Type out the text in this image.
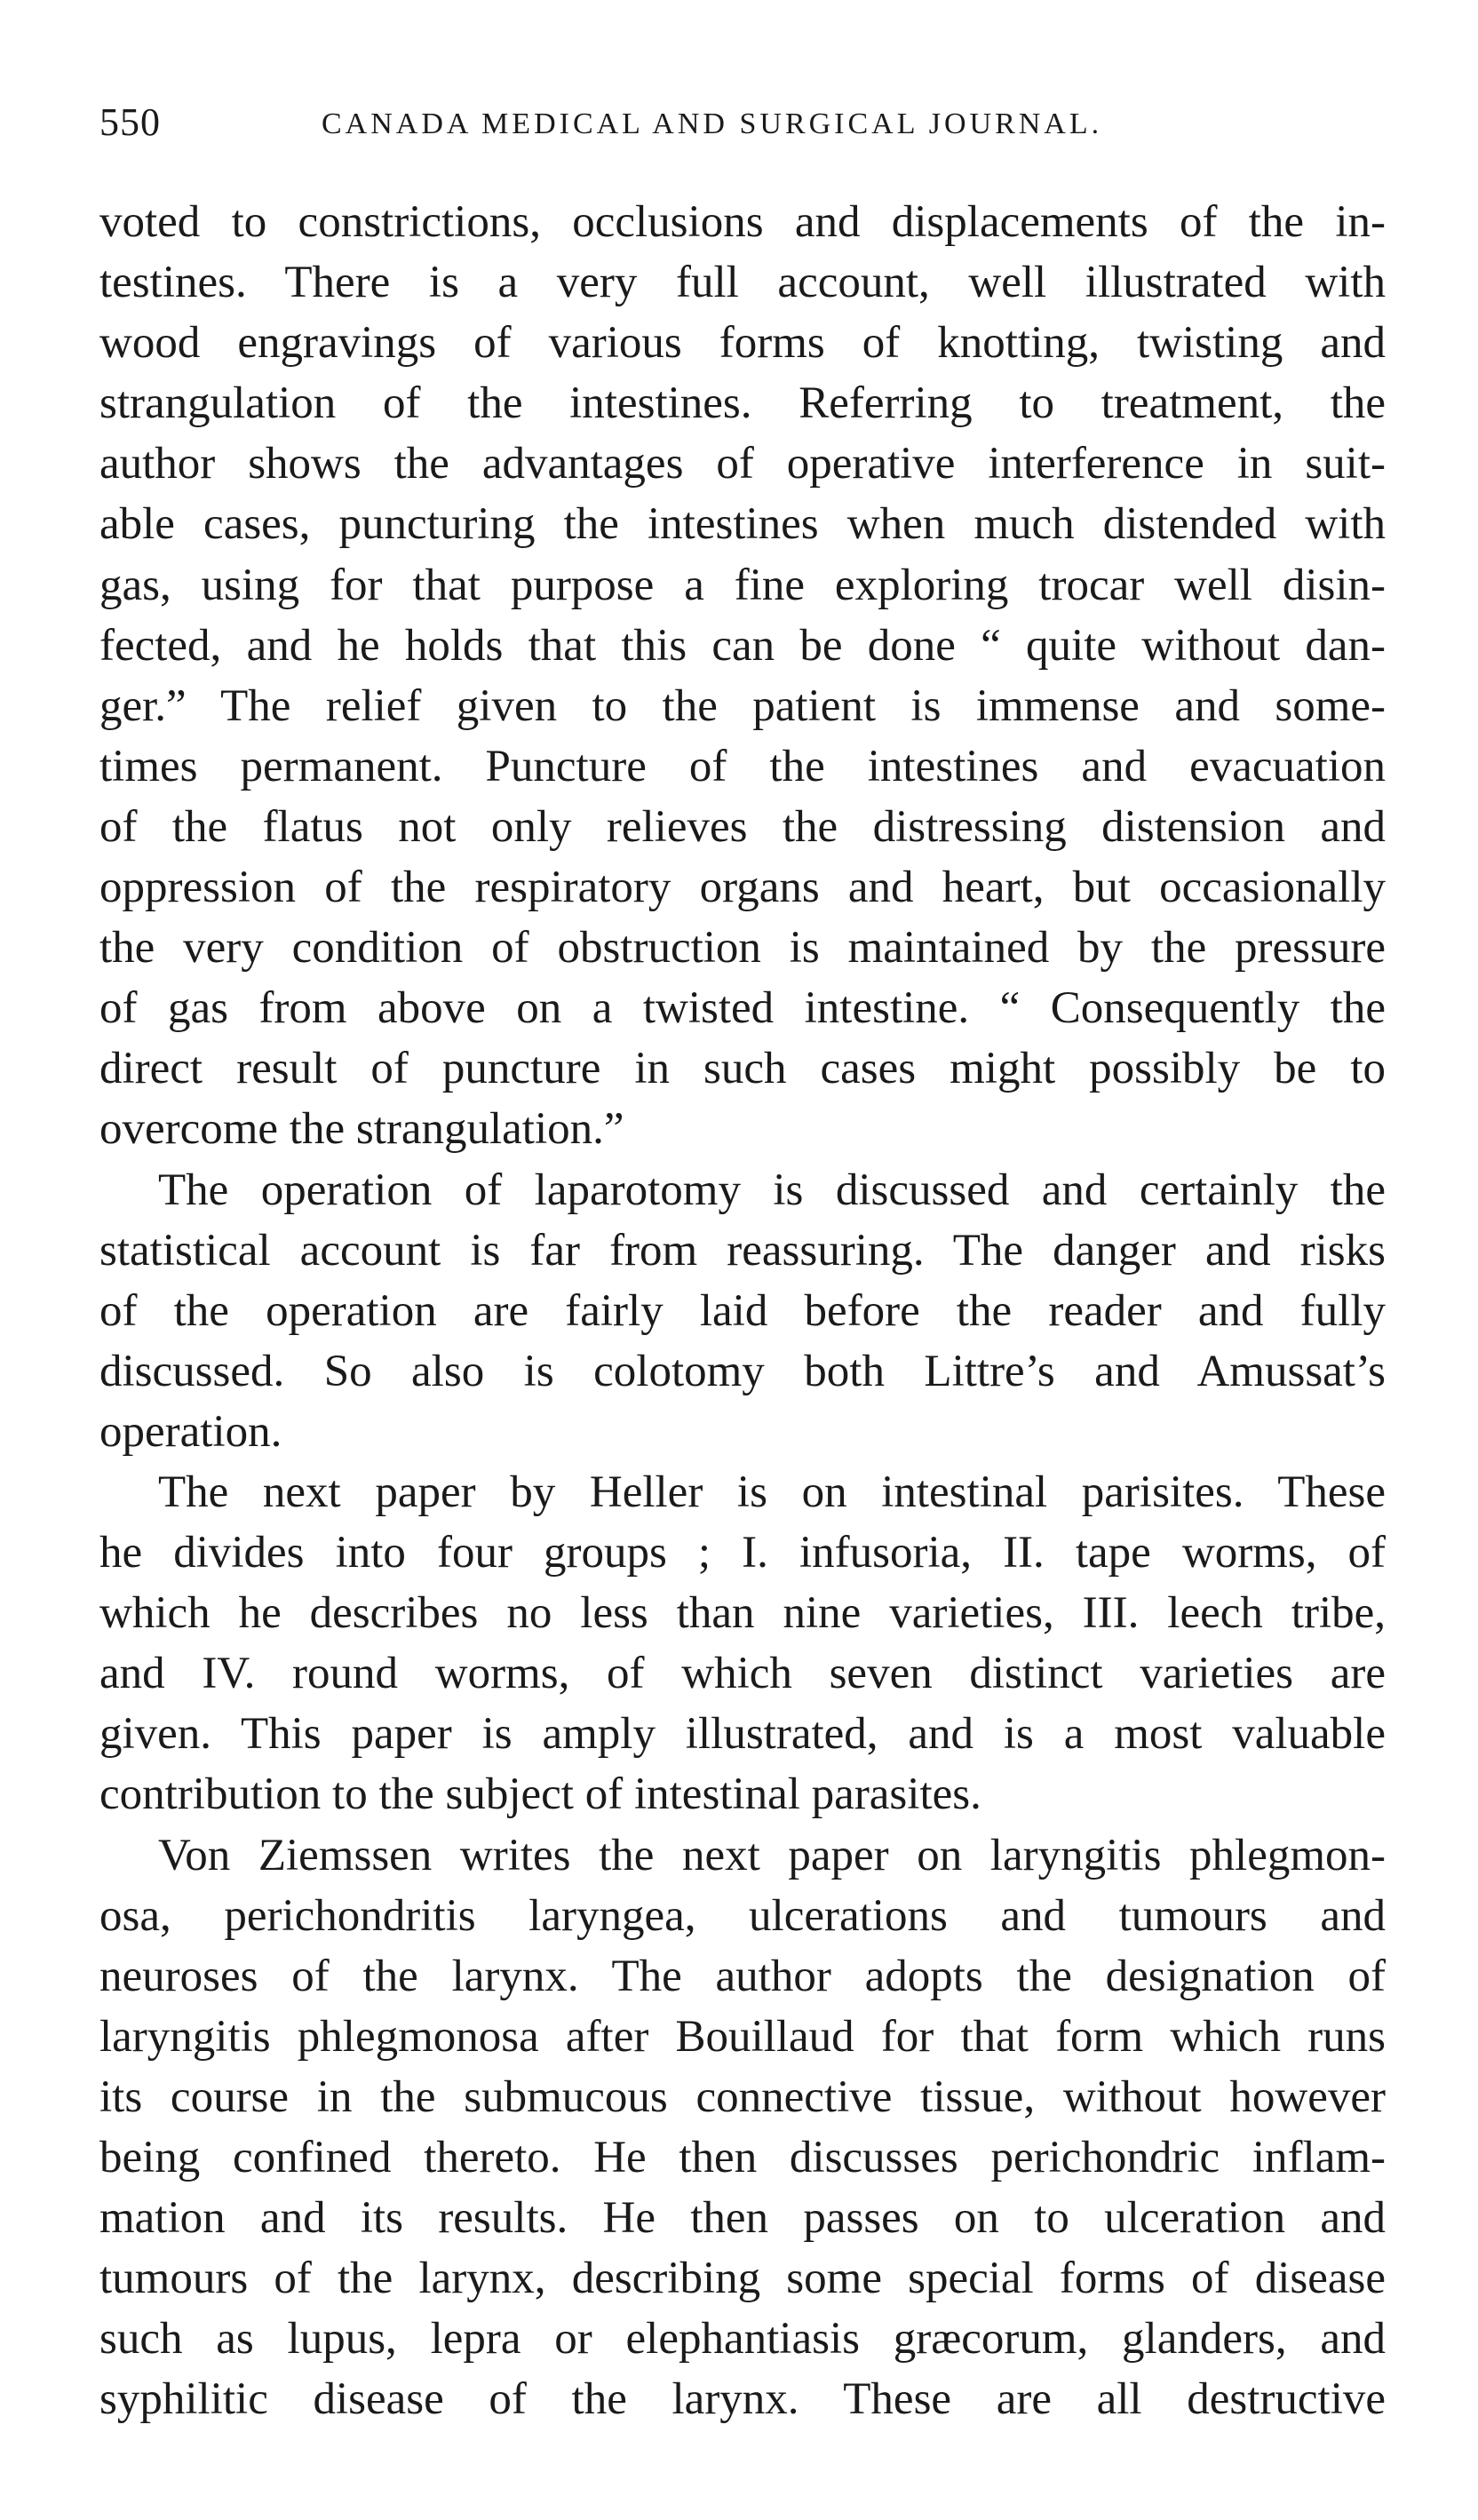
550	CANADA MEDICAL AND SURGICAL JOURNAL.
voted to constrictions, occlusions and displacements of the in-
testines. There is a very full account, well illustrated with
wood engravings of various forms of knotting, twisting and
strangulation of the intestines. Referring to treatment, the
author shows the advantages of operative interference in suit-
able cases, puncturing the intestines when much distended with
gas, using for that purpose a fine exploring trocar well disin-
fected, and he holds that this can be done “ quite without dan-
ger.” The relief given to the patient is immense and some-
times permanent. Puncture of the intestines and evacuation
of the flatus not only relieves the distressing distension and
oppression of the respiratory organs and heart, but occasionally
the very condition of obstruction is maintained by the pressure
of gas from above on a twisted intestine. “ Consequently the
direct result of puncture in such cases might possibly be to
overcome the strangulation.”
The operation of laparotomy is discussed and certainly the
statistical account is far from reassuring. The danger and risks
of the operation are fairly laid before the reader and fully
discussed. So also is colotomy both Littre’s and Amussat’s
operation.
The next paper by Heller is on intestinal parisites. These
he divides into four groups ; I. infusoria, II. tape worms, of
which he describes no less than nine varieties, III. leech tribe,
and IV. round worms, of which seven distinct varieties are
given. This paper is amply illustrated, and is a most valuable
contribution to the subject of intestinal parasites.
Von Ziemssen writes the next paper on laryngitis phlegmon-
osa, perichondritis laryngea, ulcerations and tumours and
neuroses of the larynx. The author adopts the designation of
laryngitis phlegmonosa after Bouillaud for that form which runs
its course in the submucous connective tissue, without however
being confined thereto. He then discusses perichondric inflam-
mation and its results. He then passes on to ulceration and
tumours of the larynx, describing some special forms of disease
such as lupus, lepra or elephantiasis græcorum, glanders, and
syphilitic disease of the larynx. These are all destructive
